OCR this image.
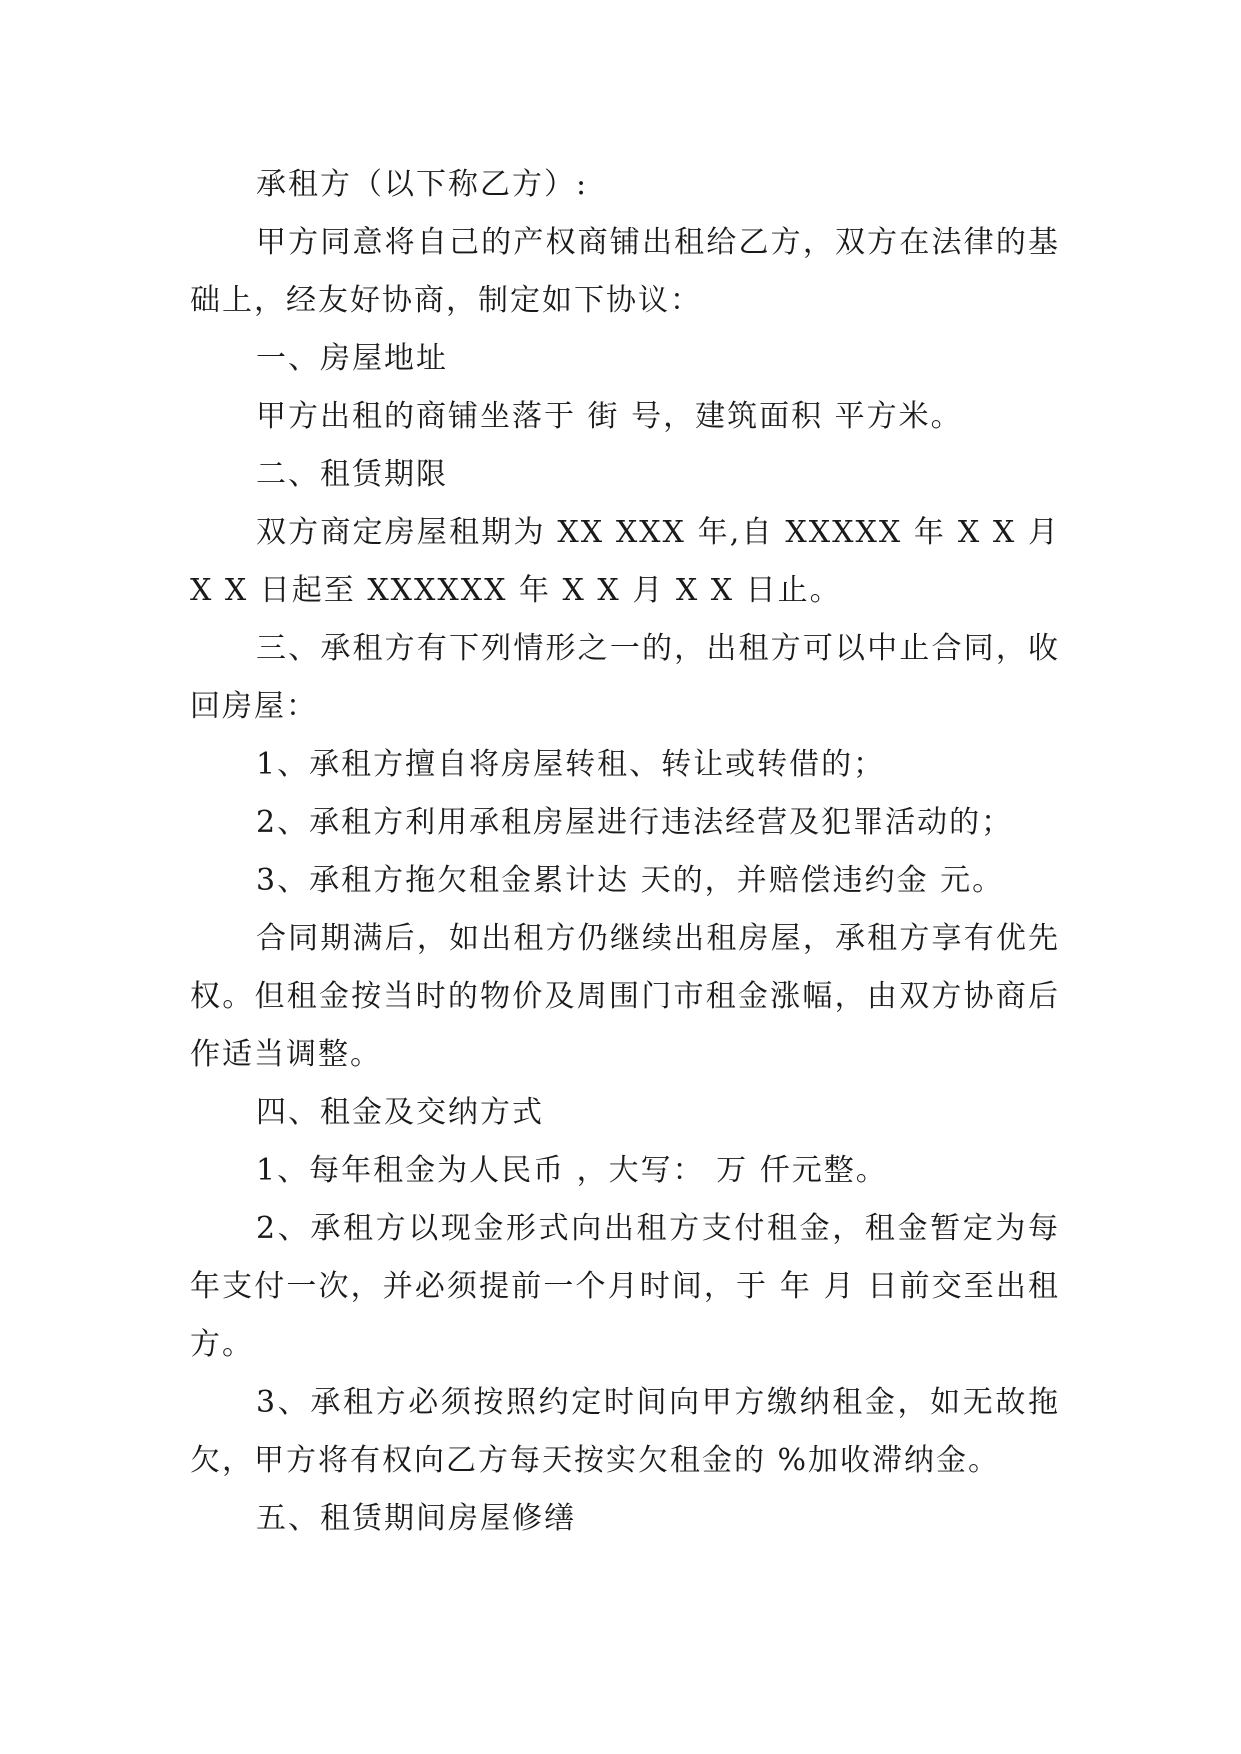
承租方（以下称乙方）:

甲方同意将自己的产权商铺出租给乙方，双方在法律的基础上，经友好协商，制定如下协议：

一、房屋地址

甲方出租的商铺坐落于 街 号，建筑面积 平方米。

二、租赁期限

双方商定房屋租期为 XX XXX 年,自 XXXXX 年 X X 月 X X 日起至 XXXXXX 年 X X 月 X X 日止。

三、承租方有下列情形之一的，出租方可以中止合同，收回房屋：

1、承租方擅自将房屋转租、转让或转借的；

2、承租方利用承租房屋进行违法经营及犯罪活动的；

3、承租方拖欠租金累计达 天的，并赔偿违约金 元。

合同期满后，如出租方仍继续出租房屋，承租方享有优先权。但租金按当时的物价及周围门市租金涨幅，由双方协商后作适当调整。

四、租金及交纳方式

1、每年租金为人民币 ，大写： 万 仟元整。

2、承租方以现金形式向出租方支付租金，租金暂定为每年支付一次，并必须提前一个月时间，于 年 月 日前交至出租方。

3、承租方必须按照约定时间向甲方缴纳租金，如无故拖欠，甲方将有权向乙方每天按实欠租金的 %加收滞纳金。

五、租赁期间房屋修缮
